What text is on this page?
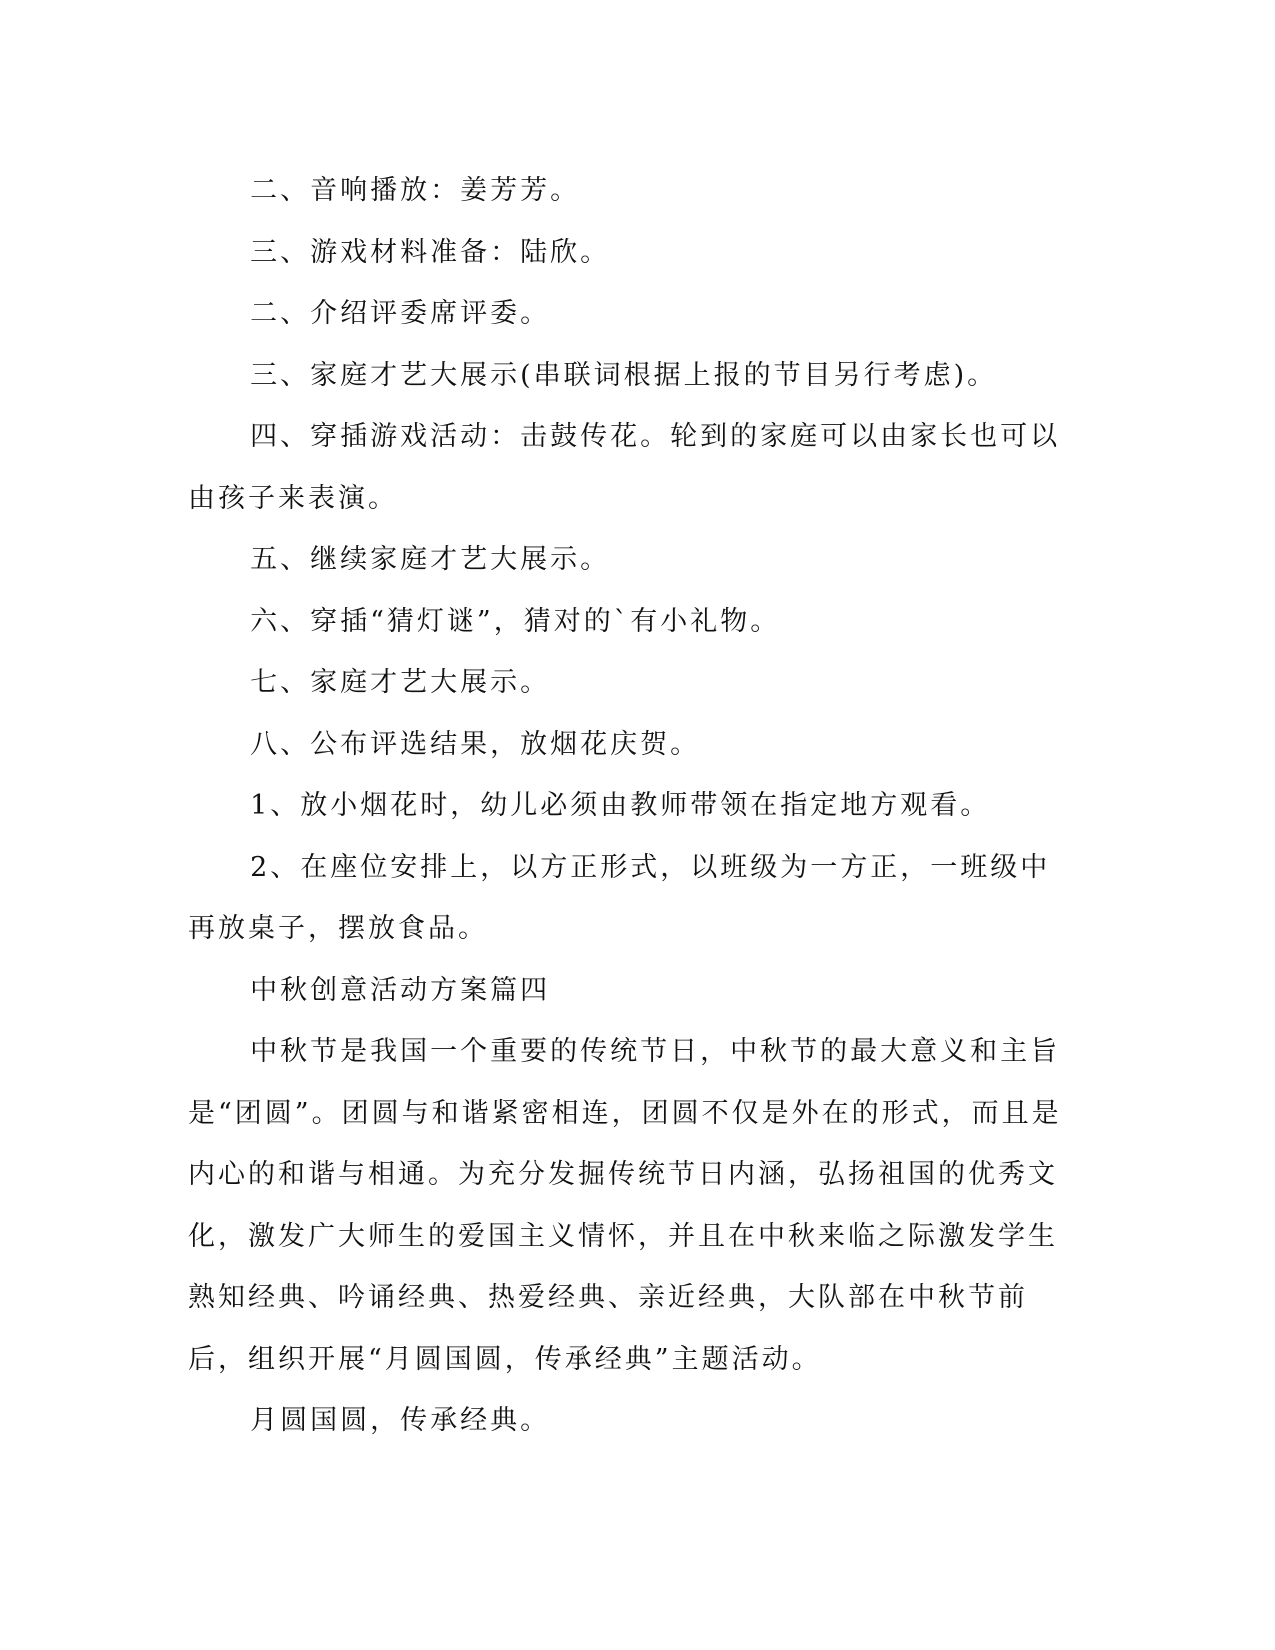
二、音响播放：姜芳芳。

三、游戏材料准备：陆欣。

二、介绍评委席评委。

三、家庭才艺大展示(串联词根据上报的节目另行考虑)。

四、穿插游戏活动：击鼓传花。轮到的家庭可以由家长也可以由孩子来表演。

五、继续家庭才艺大展示。

六、穿插“猜灯谜”，猜对的`有小礼物。

七、家庭才艺大展示。

八、公布评选结果，放烟花庆贺。

1、放小烟花时，幼儿必须由教师带领在指定地方观看。

2、在座位安排上，以方正形式，以班级为一方正，一班级中再放桌子，摆放食品。

中秋创意活动方案篇四

中秋节是我国一个重要的传统节日，中秋节的最大意义和主旨是“团圆”。团圆与和谐紧密相连，团圆不仅是外在的形式，而且是内心的和谐与相通。为充分发掘传统节日内涵，弘扬祖国的优秀文化，激发广大师生的爱国主义情怀，并且在中秋来临之际激发学生熟知经典、吟诵经典、热爱经典、亲近经典，大队部在中秋节前后，组织开展“月圆国圆，传承经典”主题活动。

月圆国圆，传承经典。
